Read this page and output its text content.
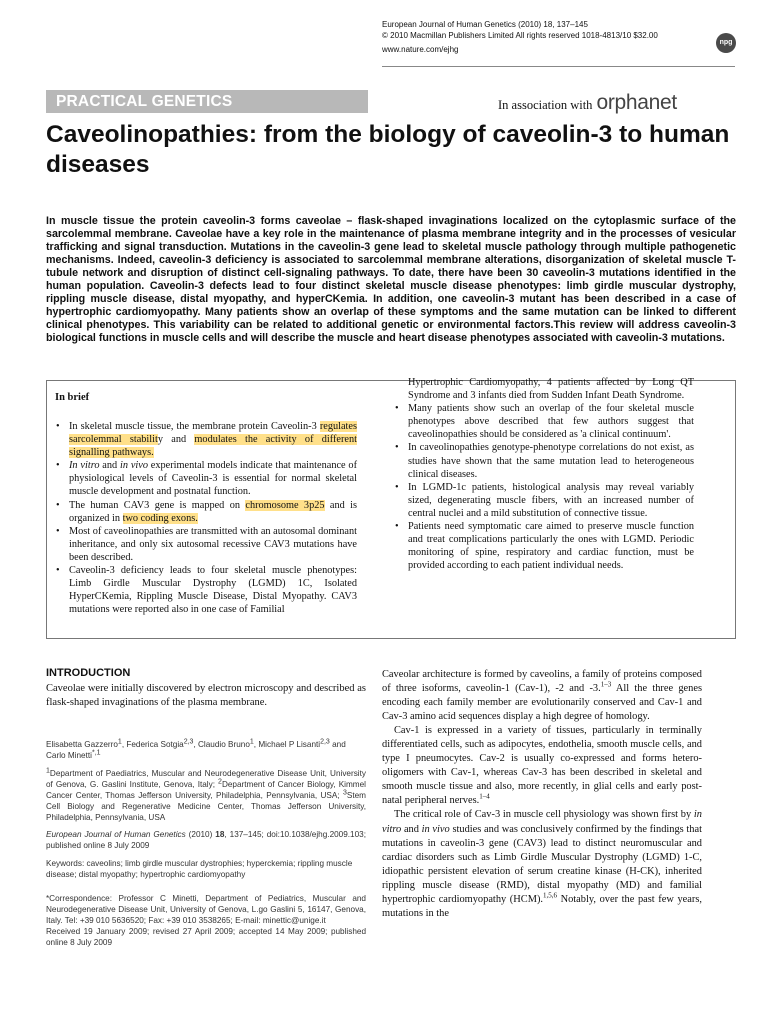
European Journal of Human Genetics (2010) 18, 137–145
© 2010 Macmillan Publishers Limited All rights reserved 1018-4813/10 $32.00
www.nature.com/ejhg
npg
PRACTICAL GENETICS	In association with orphanet
Caveolinopathies: from the biology of caveolin-3 to human diseases
In muscle tissue the protein caveolin-3 forms caveolae – flask-shaped invaginations localized on the cytoplasmic surface of the sarcolemmal membrane. Caveolae have a key role in the maintenance of plasma membrane integrity and in the processes of vesicular trafficking and signal transduction. Mutations in the caveolin-3 gene lead to skeletal muscle pathology through multiple pathogenetic mechanisms. Indeed, caveolin-3 deficiency is associated to sarcolemmal membrane alterations, disorganization of skeletal muscle T-tubule network and disruption of distinct cell-signaling pathways. To date, there have been 30 caveolin-3 mutations identified in the human population. Caveolin-3 defects lead to four distinct skeletal muscle disease phenotypes: limb girdle muscular dystrophy, rippling muscle disease, distal myopathy, and hyperCKemia. In addition, one caveolin-3 mutant has been described in a case of hypertrophic cardiomyopathy. Many patients show an overlap of these symptoms and the same mutation can be linked to different clinical phenotypes. This variability can be related to additional genetic or environmental factors.This review will address caveolin-3 biological functions in muscle cells and will describe the muscle and heart disease phenotypes associated with caveolin-3 mutations.
In brief
• In skeletal muscle tissue, the membrane protein Caveolin-3 regulates sarcolemmal stability and modulates the activity of different signalling pathways.
• In vitro and in vivo experimental models indicate that maintenance of physiological levels of Caveolin-3 is essential for normal skeletal muscle development and postnatal function.
• The human CAV3 gene is mapped on chromosome 3p25 and is organized in two coding exons.
• Most of caveolinopathies are transmitted with an autosomal dominant inheritance, and only six autosomal recessive CAV3 mutations have been described.
• Caveolin-3 deficiency leads to four skeletal muscle phenotypes: Limb Girdle Muscular Dystrophy (LGMD) 1C, Isolated HyperCKemia, Rippling Muscle Disease, Distal Myopathy. CAV3 mutations were reported also in one case of Familial
Hypertrophic Cardiomyopathy, 4 patients affected by Long QT Syndrome and 3 infants died from Sudden Infant Death Syndrome.
• Many patients show such an overlap of the four skeletal muscle phenotypes above described that few authors suggest that caveolinopathies should be considered as 'a clinical continuum'.
• In caveolinopathies genotype-phenotype correlations do not exist, as studies have shown that the same mutation lead to heterogeneous clinical diseases.
• In LGMD-1c patients, histological analysis may reveal variably sized, degenerating muscle fibers, with an increased number of central nuclei and a mild substitution of connective tissue.
• Patients need symptomatic care aimed to preserve muscle function and treat complications particularly the ones with LGMD. Periodic monitoring of spine, respiratory and cardiac function, must be provided according to each patient individual needs.
INTRODUCTION
Caveolae were initially discovered by electron microscopy and described as flask-shaped invaginations of the plasma membrane.
Elisabetta Gazzerro$^1$, Federica Sotgia$^{2,3}$, Claudio Bruno$^1$, Michael P Lisanti$^{2,3}$ and Carlo Minetti$^{*,1}$
$^1$Department of Paediatrics, Muscular and Neurodegenerative Disease Unit, University of Genova, G. Gaslini Institute, Genova, Italy; $^2$Department of Cancer Biology, Kimmel Cancer Center, Thomas Jefferson University, Philadelphia, Pennsylvania, USA; $^3$Stem Cell Biology and Regenerative Medicine Center, Thomas Jefferson University, Philadelphia, Pennsylvania, USA
European Journal of Human Genetics (2010) 18, 137–145; doi:10.1038/ejhg.2009.103; published online 8 July 2009
Keywords: caveolins; limb girdle muscular dystrophies; hyperckemia; rippling muscle disease; distal myopathy; hypertrophic cardiomyopathy
*Correspondence: Professor C Minetti, Department of Pediatrics, Muscular and Neurodegenerative Disease Unit, University of Genova, L.go Gaslini 5, 16147, Genova, Italy. Tel: +39 010 5636520; Fax: +39 010 3538265; E-mail: minettic@unige.it
Received 19 January 2009; revised 27 April 2009; accepted 14 May 2009; published online 8 July 2009

Caveolar architecture is formed by caveolins, a family of proteins composed of three isoforms, caveolin-1 (Cav-1), -2 and -3.$^{1-3}$ All the three genes encoding each family member are evolutionarily conserved and Cav-1 and Cav-3 amino acid sequences display a high degree of homology.

Cav-1 is expressed in a variety of tissues, particularly in terminally differentiated cells, such as adipocytes, endothelia, smooth muscle cells, and type I pneumocytes. Cav-2 is usually co-expressed and forms hetero-oligomers with Cav-1, whereas Cav-3 has been described in skeletal and smooth muscle tissue and also, more recently, in glial cells and early post-natal peripheral nerves.$^{1-4}$

The critical role of Cav-3 in muscle cell physiology was shown first by in vitro and in vivo studies and was conclusively confirmed by the findings that mutations in caveolin-3 gene (CAV3) lead to distinct neuromuscular and cardiac disorders such as Limb Girdle Muscular Dystrophy (LGMD) 1-C, idiopathic persistent elevation of serum creatine kinase (H-CK), inherited rippling muscle disease (RMD), distal myopathy (MD) and familial hypertrophic cardiomyopathy (HCM).$^{1,5,6}$ Notably, over the past few years, mutations in the
